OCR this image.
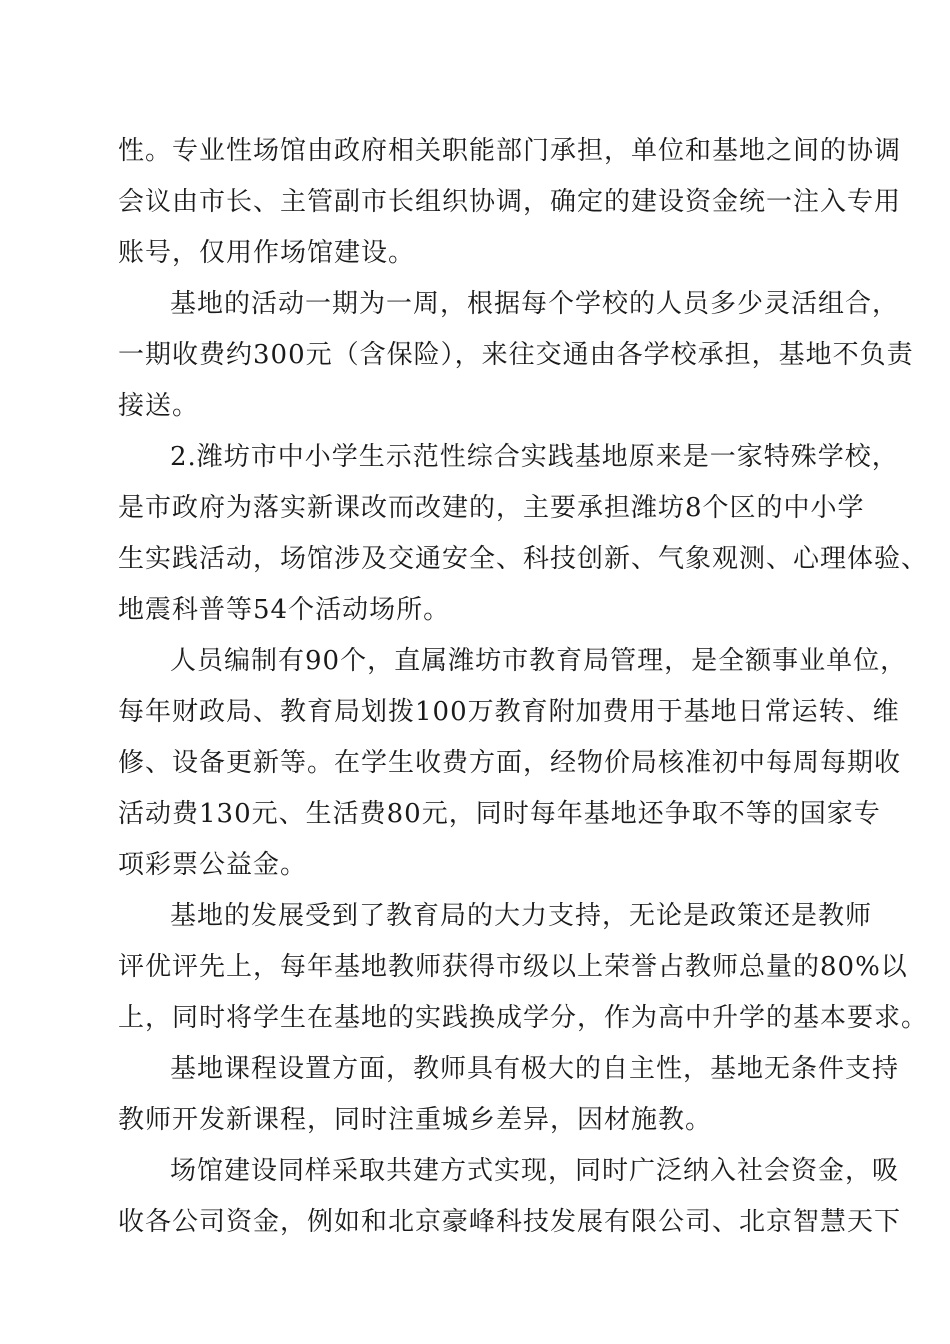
性。专业性场馆由政府相关职能部门承担，单位和基地之间的协调
会议由市长、主管副市长组织协调，确定的建设资金统一注入专用
账号，仅用作场馆建设。

基地的活动一期为一周，根据每个学校的人员多少灵活组合，
一期收费约300元（含保险），来往交通由各学校承担，基地不负责
接送。

2.潍坊市中小学生示范性综合实践基地原来是一家特殊学校，
是市政府为落实新课改而改建的，主要承担潍坊8个区的中小学
生实践活动，场馆涉及交通安全、科技创新、气象观测、心理体验、
地震科普等54个活动场所。

人员编制有90个，直属潍坊市教育局管理，是全额事业单位，
每年财政局、教育局划拨100万教育附加费用于基地日常运转、维
修、设备更新等。在学生收费方面，经物价局核准初中每周每期收
活动费130元、生活费80元，同时每年基地还争取不等的国家专
项彩票公益金。

基地的发展受到了教育局的大力支持，无论是政策还是教师
评优评先上，每年基地教师获得市级以上荣誉占教师总量的80%以
上，同时将学生在基地的实践换成学分，作为高中升学的基本要求。

基地课程设置方面，教师具有极大的自主性，基地无条件支持
教师开发新课程，同时注重城乡差异，因材施教。

场馆建设同样采取共建方式实现，同时广泛纳入社会资金，吸
收各公司资金，例如和北京豪峰科技发展有限公司、北京智慧天下
